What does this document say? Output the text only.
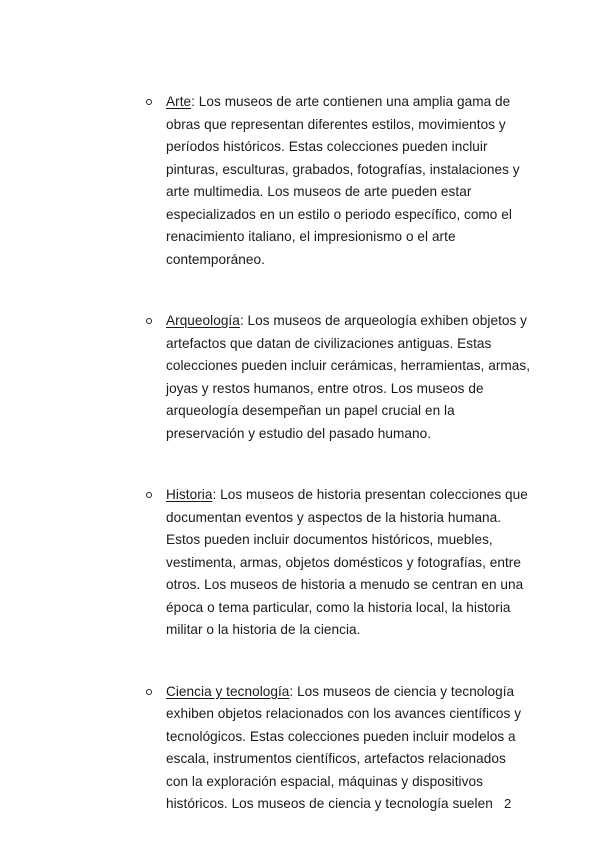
Arte: Los museos de arte contienen una amplia gama de
obras que representan diferentes estilos, movimientos y
períodos históricos. Estas colecciones pueden incluir
pinturas, esculturas, grabados, fotografías, instalaciones y
arte multimedia. Los museos de arte pueden estar
especializados en un estilo o periodo específico, como el
renacimiento italiano, el impresionismo o el arte
contemporáneo.
Arqueología: Los museos de arqueología exhiben objetos y
artefactos que datan de civilizaciones antiguas. Estas
colecciones pueden incluir cerámicas, herramientas, armas,
joyas y restos humanos, entre otros. Los museos de
arqueología desempeñan un papel crucial en la
preservación y estudio del pasado humano.
Historia: Los museos de historia presentan colecciones que
documentan eventos y aspectos de la historia humana.
Estos pueden incluir documentos históricos, muebles,
vestimenta, armas, objetos domésticos y fotografías, entre
otros. Los museos de historia a menudo se centran en una
época o tema particular, como la historia local, la historia
militar o la historia de la ciencia.
Ciencia y tecnología: Los museos de ciencia y tecnología
exhiben objetos relacionados con los avances científicos y
tecnológicos. Estas colecciones pueden incluir modelos a
escala, instrumentos científicos, artefactos relacionados
con la exploración espacial, máquinas y dispositivos
históricos. Los museos de ciencia y tecnología suelen 2
